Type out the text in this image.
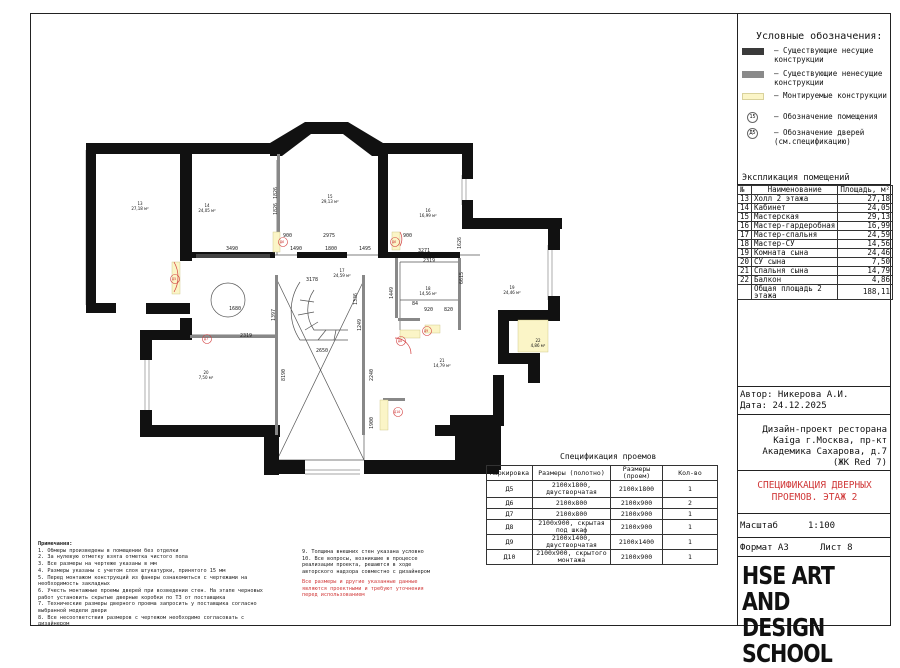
13
27,18 м²
14
24,05 м²
15
29,13 м²
16
16,99 м²
17
24,59 м²
18
14,56 м²
19
24,46 м²
20
7,50 м²
21
14,79 м²
22
4,86 м²
3490
900
1490	1800	1495
900
3271
2975
1826
1826
2319
1626
3178
1336
2650
2319
1397
8190	2240
1900
6615
820
920
1680
1449
84
1249
Д5
Д6	Д6
Д7	Д8
Д9
Д10
Условные обозначения:
– Существующие несущие конструкции
– Существующие ненесущие конструкции
– Монтируемые конструкции
15	– Обозначение помещения
Д5	– Обозначение дверей (см.спецификацию)
Экспликация помещений
№	Наименование	Площадь, м²
13	Холл 2 этажа	27,18
14	Кабинет	24,05
15	Мастерская	29,13
16	Мастер-гардеробная	16,99
17	Мастер-спальня	24,59
18	Мастер-СУ	14,56
19	Комната сына	24,46
20	СУ сына	7,50
21	Спальня сына	14,79
22	Балкон	4,86
	Общая площадь 2 этажа	188,11
Автор: Никерова А.И.
Дата: 24.12.2025
Дизайн-проект ресторана
Kaiga г.Москва, пр-кт
Академика Сахарова, д.7
(ЖК Red 7)
СПЕЦИФИКАЦИЯ ДВЕРНЫХ
ПРОЕМОВ. ЭТАЖ 2
Масштаб	1:100
Формат А3	Лист 8
HSE ART AND
DESIGN SCHOOL
Спецификация проемов
Маркировка	Размеры (полотно)	Размеры (проем)	Кол-во
Д5	2100x1800, двустворчатая	2100x1800	1
Д6	2100x800	2100x900	2
Д7	2100x800	2100x900	1
Д8	2100x900, скрытая под шкаф	2100x900	1
Д9	2100x1400, двустворчатая	2100x1400	1
Д10	2100x900, скрытого монтажа	2100x900	1
Примечания:
1. Обмеры произведены в помещении без отделки
2. За нулевую отметку взята отметка чистого пола
3. Все размеры на чертеже указаны в мм
4. Размеры указаны с учетом слоя штукатурки, принятого 15 мм
5. Перед монтажом конструкций из фанеры ознакомиться с чертежами на
необходимость закладных
6. Учесть монтажные проемы дверей при возведении стен. На этапе черновых
работ установить скрытые дверные коробки по ТЗ от поставщика
7. Технические размеры дверного проема запросить у поставщика согласно
выбранной модели двери
8. Все несоответствия размеров с чертежом необходимо согласовать с
дизайнером
9. Толщина внешних стен указана условно
10. Все вопросы, возникшие в процессе
реализации проекта, решаются в ходе
авторского надзора совместно с дизайнером
Все размеры и другие указанные данные
являются проектными и требуют уточнения
перед использованием
